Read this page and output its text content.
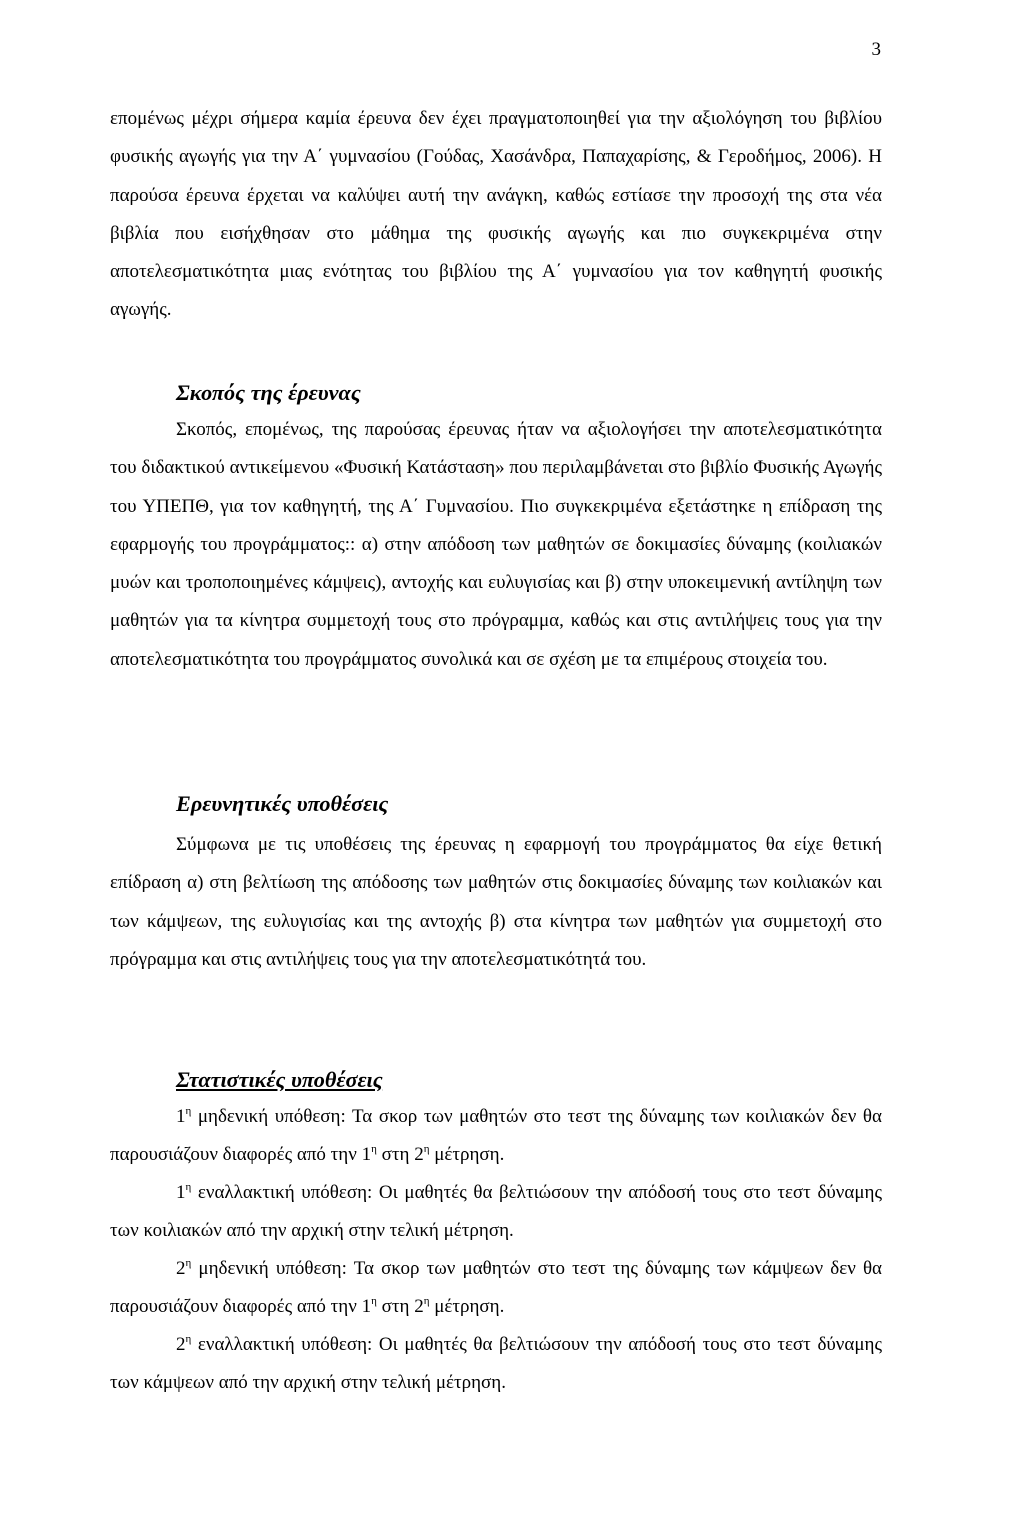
3

επομένως μέχρι σήμερα καμία έρευνα δεν έχει πραγματοποιηθεί για την αξιολόγηση του βιβλίου φυσικής αγωγής για την Α΄ γυμνασίου (Γούδας, Χασάνδρα, Παπαχαρίσης, & Γεροδήμος, 2006). Η παρούσα έρευνα έρχεται να καλύψει αυτή την ανάγκη, καθώς εστίασε την προσοχή της στα νέα βιβλία που εισήχθησαν στο μάθημα της φυσικής αγωγής και πιο συγκεκριμένα στην αποτελεσματικότητα μιας ενότητας του βιβλίου της Α΄ γυμνασίου για τον καθηγητή φυσικής αγωγής.

Σκοπός της έρευνας

Σκοπός, επομένως, της παρούσας έρευνας ήταν να αξιολογήσει την αποτελεσματικότητα του διδακτικού αντικείμενου «Φυσική Κατάσταση» που περιλαμβάνεται στο βιβλίο Φυσικής Αγωγής του ΥΠΕΠΘ, για τον καθηγητή, της Α΄ Γυμνασίου. Πιο συγκεκριμένα εξετάστηκε η επίδραση της εφαρμογής του προγράμματος:: α) στην απόδοση των μαθητών σε δοκιμασίες δύναμης (κοιλιακών μυών και τροποποιημένες κάμψεις), αντοχής και ευλυγισίας και β) στην υποκειμενική αντίληψη των μαθητών για τα κίνητρα συμμετοχή τους στο πρόγραμμα, καθώς και στις αντιλήψεις τους για την αποτελεσματικότητα του προγράμματος συνολικά και σε σχέση με τα επιμέρους στοιχεία του.

Ερευνητικές υποθέσεις

Σύμφωνα με τις υποθέσεις της έρευνας η εφαρμογή του προγράμματος θα είχε θετική επίδραση α) στη βελτίωση της απόδοσης των μαθητών στις δοκιμασίες δύναμης των κοιλιακών και των κάμψεων, της ευλυγισίας και της αντοχής β) στα κίνητρα των μαθητών για συμμετοχή στο πρόγραμμα και στις αντιλήψεις τους για την αποτελεσματικότητά του.

Στατιστικές υποθέσεις

$1^\eta$ μηδενική υπόθεση: Τα σκορ των μαθητών στο τεστ της δύναμης των κοιλιακών δεν θα παρουσιάζουν διαφορές από την $1^\eta$ στη $2^\eta$ μέτρηση.

$1^\eta$ εναλλακτική υπόθεση: Οι μαθητές θα βελτιώσουν την απόδοσή τους στο τεστ δύναμης των κοιλιακών από την αρχική στην τελική μέτρηση.

$2^\eta$ μηδενική υπόθεση: Τα σκορ των μαθητών στο τεστ της δύναμης των κάμψεων δεν θα παρουσιάζουν διαφορές από την $1^\eta$ στη $2^\eta$ μέτρηση.

$2^\eta$ εναλλακτική υπόθεση: Οι μαθητές θα βελτιώσουν την απόδοσή τους στο τεστ δύναμης των κάμψεων από την αρχική στην τελική μέτρηση.
